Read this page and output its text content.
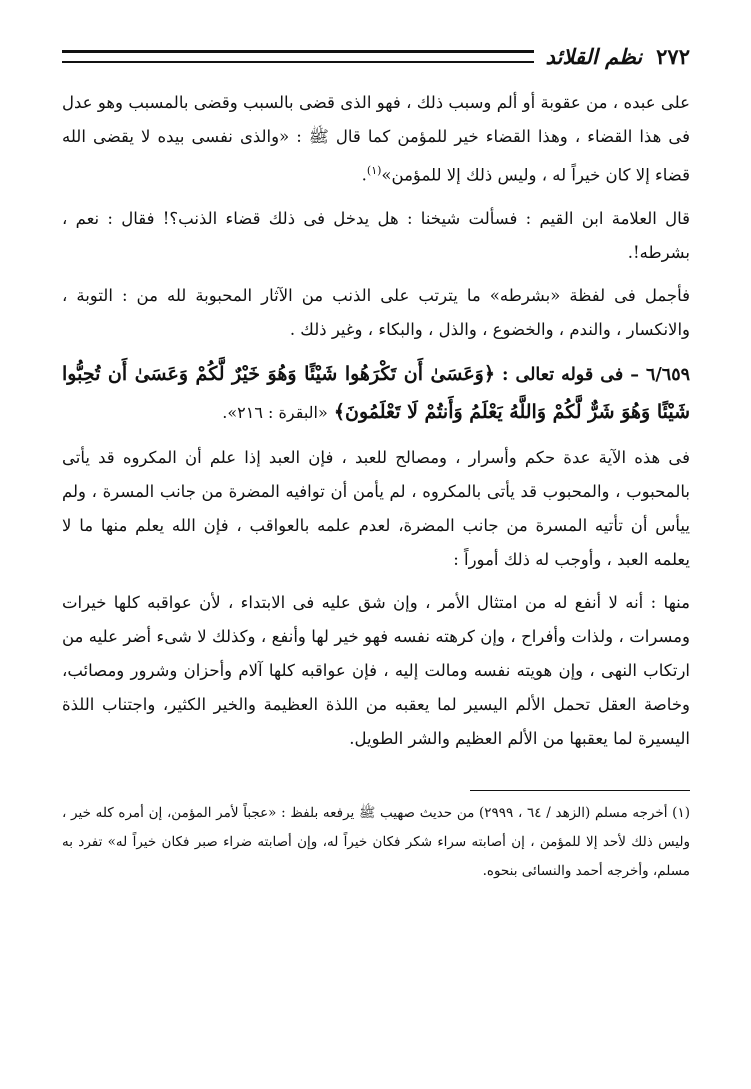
٢٧٢
نظم القلائد

على عبده ، من عقوبة أو ألم وسبب ذلك ، فهو الذى قضى بالسبب وقضى بالمسبب وهو عدل فى هذا القضاء ، وهذا القضاء خير للمؤمن كما قال ﷺ : «والذى نفسى بيده لا يقضى الله قضاء إلا كان خيراً له ، وليس ذلك إلا للمؤمن»$^{(١)}$.

قال العلامة ابن القيم : فسألت شيخنا : هل يدخل فى ذلك قضاء الذنب؟! فقال : نعم ، بشرطه!.

فأجمل فى لفظة «بشرطه» ما يترتب على الذنب من الآثار المحبوبة لله من : التوبة ، والانكسار ، والندم ، والخضوع ، والذل ، والبكاء ، وغير ذلك .

٦/٦٥٩ – فى قوله تعالى : ﴿وَعَسَىٰ أَن تَكْرَهُوا شَيْئًا وَهُوَ خَيْرٌ لَّكُمْ وَعَسَىٰ أَن تُحِبُّوا شَيْئًا وَهُوَ شَرٌّ لَّكُمْ وَاللَّهُ يَعْلَمُ وَأَنتُمْ لَا تَعْلَمُونَ﴾ «البقرة : ٢١٦».

فى هذه الآية عدة حكم وأسرار ، ومصالح للعبد ، فإن العبد إذا علم أن المكروه قد يأتى بالمحبوب ، والمحبوب قد يأتى بالمكروه ، لم يأمن أن توافيه المضرة من جانب المسرة ، ولم ييأس أن تأتيه المسرة من جانب المضرة، لعدم علمه بالعواقب ، فإن الله يعلم منها ما لا يعلمه العبد ، وأوجب له ذلك أموراً :

منها : أنه لا أنفع له من امتثال الأمر ، وإن شق عليه فى الابتداء ، لأن عواقبه كلها خيرات ومسرات ، ولذات وأفراح ، وإن كرهته نفسه فهو خير لها وأنفع ، وكذلك لا شىء أضر عليه من ارتكاب النهى ، وإن هويته نفسه ومالت إليه ، فإن عواقبه كلها آلام وأحزان وشرور ومصائب، وخاصة العقل تحمل الألم اليسير لما يعقبه من اللذة العظيمة والخير الكثير، واجتناب اللذة اليسيرة لما يعقبها من الألم العظيم والشر الطويل.

(١) أخرجه مسلم (الزهد / ٦٤ ، ٢٩٩٩) من حديث صهيب ﷺ يرفعه بلفظ : «عجباً لأمر المؤمن، إن أمره كله خير ، وليس ذلك لأحد إلا للمؤمن ، إن أصابته سراء شكر فكان خيراً له، وإن أصابته ضراء صبر فكان خيراً له» تفرد به مسلم، وأخرجه أحمد والنسائى بنحوه.
